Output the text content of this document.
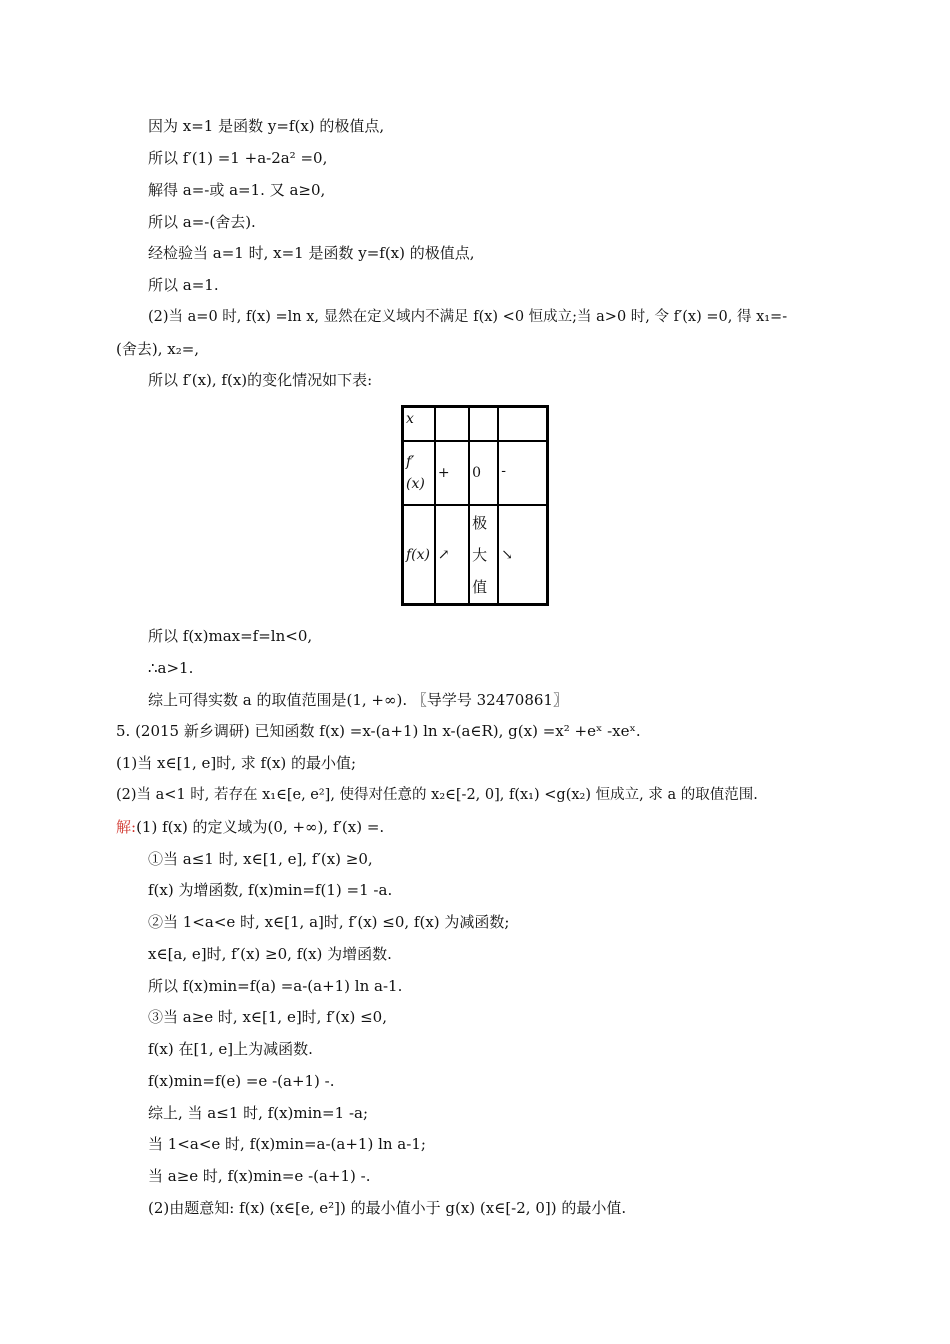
因为 x=1 是函数 y=f(x) 的极值点,
所以 f′(1) =1 +a-2a² =0,
解得 a=-或 a=1. 又 a≥0,
所以 a=-(舍去).
经检验当 a=1 时, x=1 是函数 y=f(x) 的极值点,
所以 a=1.
(2)当 a=0 时, f(x) =ln x, 显然在定义域内不满足 f(x) <0 恒成立;当 a>0 时, 令 f′(x) =0, 得 x₁=-
(舍去), x₂=,
所以 f′(x), f(x)的变化情况如下表:
x			
f′(x)	+	0	-
f(x)	↗	极大值	↘
所以 f(x)max=f=ln<0,
∴a>1.
综上可得实数 a 的取值范围是(1, +∞). 〖导学号 32470861〗
5. (2015 新乡调研) 已知函数 f(x) =x-(a+1) ln x-(a∈R), g(x) =x² +eˣ -xeˣ.
(1)当 x∈[1, e]时, 求 f(x) 的最小值;
(2)当 a<1 时, 若存在 x₁∈[e, e²], 使得对任意的 x₂∈[-2, 0], f(x₁) <g(x₂) 恒成立, 求 a 的取值范围.
解:(1) f(x) 的定义域为(0, +∞), f′(x) =.
①当 a≤1 时, x∈[1, e], f′(x) ≥0,
f(x) 为增函数, f(x)min=f(1) =1 -a.
②当 1<a<e 时, x∈[1, a]时, f′(x) ≤0, f(x) 为减函数;
x∈[a, e]时, f′(x) ≥0, f(x) 为增函数.
所以 f(x)min=f(a) =a-(a+1) ln a-1.
③当 a≥e 时, x∈[1, e]时, f′(x) ≤0,
f(x) 在[1, e]上为减函数.
f(x)min=f(e) =e -(a+1) -.
综上, 当 a≤1 时, f(x)min=1 -a;
当 1<a<e 时, f(x)min=a-(a+1) ln a-1;
当 a≥e 时, f(x)min=e -(a+1) -.
(2)由题意知: f(x) (x∈[e, e²]) 的最小值小于 g(x) (x∈[-2, 0]) 的最小值.
